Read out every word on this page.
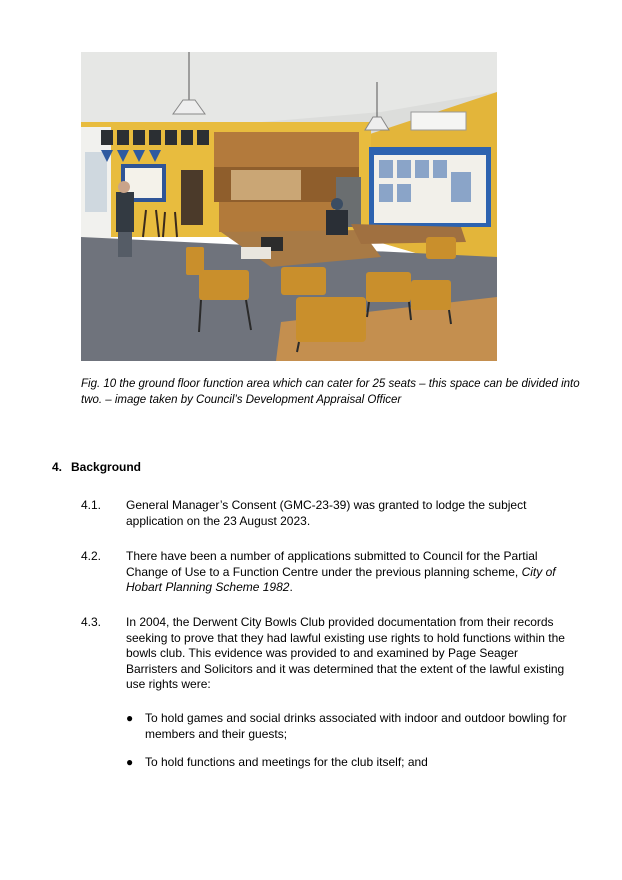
Fig. 10 the ground floor function area which can cater for 25 seats – this space can be divided into two. – image taken by Council’s Development Appraisal Officer
4. Background
4.1. General Manager’s Consent (GMC-23-39) was granted to lodge the subject application on the 23 August 2023.
4.2. There have been a number of applications submitted to Council for the Partial Change of Use to a Function Centre under the previous planning scheme, City of Hobart Planning Scheme 1982.
4.3. In 2004, the Derwent City Bowls Club provided documentation from their records seeking to prove that they had lawful existing use rights to hold functions within the bowls club. This evidence was provided to and examined by Page Seager Barristers and Solicitors and it was determined that the extent of the lawful existing use rights were:
● To hold games and social drinks associated with indoor and outdoor bowling for members and their guests;
● To hold functions and meetings for the club itself; and
